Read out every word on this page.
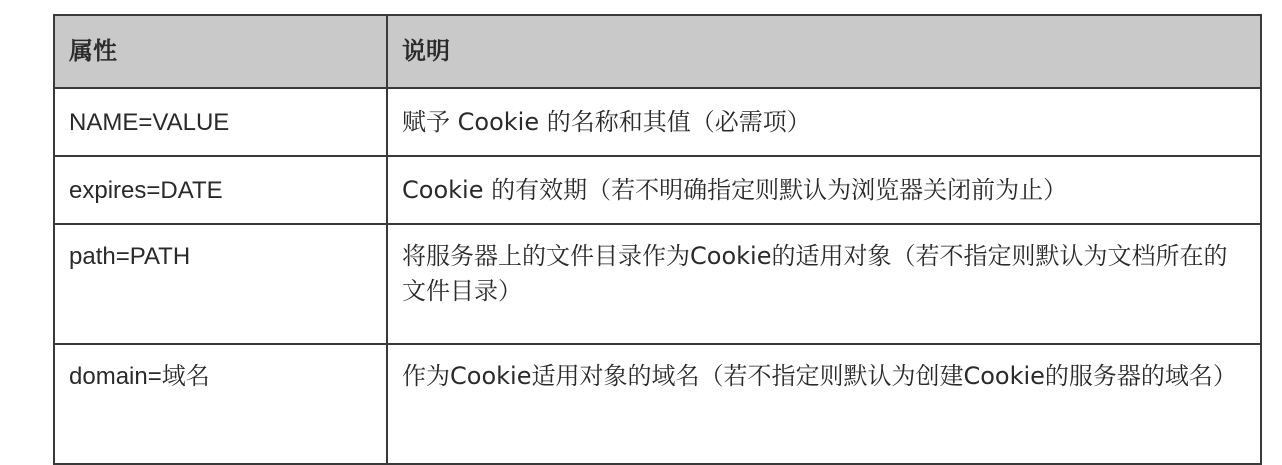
属性	说明
NAME=VALUE	赋予 Cookie 的名称和其值（必需项）
expires=DATE	Cookie 的有效期（若不明确指定则默认为浏览器关闭前为止）
path=PATH	将服务器上的文件目录作为Cookie的适用对象（若不指定则默认为文档所在的文件目录）
domain=域名	作为Cookie适用对象的域名（若不指定则默认为创建Cookie的服务器的域名）
